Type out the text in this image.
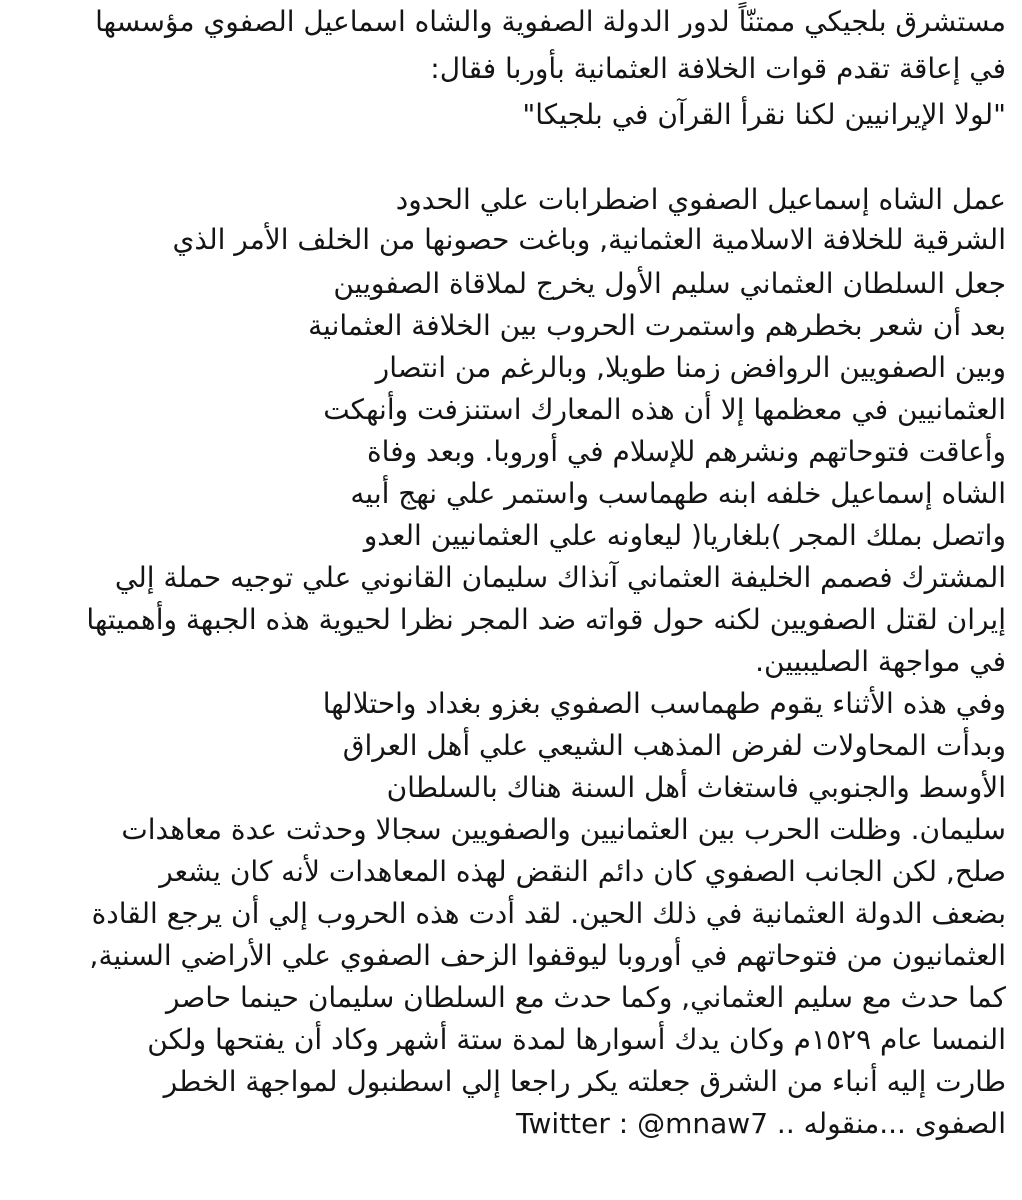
مستشرق بلجيكي ممتنّاً لدور الدولة الصفوية والشاه اسماعيل الصفوي مؤسسها
في إعاقة تقدم قوات الخلافة العثمانية بأوربا فقال:
"لولا الإيرانيين لكنا نقرأ القرآن في بلجيكا"
عمل الشاه إسماعيل الصفوي اضطرابات علي الحدود
الشرقية للخلافة الاسلامية العثمانية, وباغت حصونها من الخلف الأمر الذي
جعل السلطان العثماني سليم الأول يخرج لملاقاة الصفويين
بعد أن شعر بخطرهم واستمرت الحروب بين الخلافة العثمانية
وبين الصفويين الروافض زمنا طويلا, وبالرغم من انتصار
العثمانيين في معظمها إلا أن هذه المعارك استنزفت وأنهكت
وأعاقت فتوحاتهم ونشرهم للإسلام في أوروبا. وبعد وفاة
الشاه إسماعيل خلفه ابنه طهماسب واستمر علي نهج أبيه
واتصل بملك المجر )بلغاريا( ليعاونه علي العثمانيين العدو
المشترك فصمم الخليفة العثماني آنذاك سليمان القانوني علي توجيه حملة إلي
إيران لقتل الصفويين لكنه حول قواته ضد المجر نظرا لحيوية هذه الجبهة وأهميتها
في مواجهة الصليبيين.
وفي هذه الأثناء يقوم طهماسب الصفوي بغزو بغداد واحتلالها
وبدأت المحاولات لفرض المذهب الشيعي علي أهل العراق
الأوسط والجنوبي فاستغاث أهل السنة هناك بالسلطان
سليمان. وظلت الحرب بين العثمانيين والصفويين سجالا وحدثت عدة معاهدات
صلح, لكن الجانب الصفوي كان دائم النقض لهذه المعاهدات لأنه كان يشعر
بضعف الدولة العثمانية في ذلك الحين. لقد أدت هذه الحروب إلي أن يرجع القادة
العثمانيون من فتوحاتهم في أوروبا ليوقفوا الزحف الصفوي علي الأراضي السنية,
كما حدث مع سليم العثماني, وكما حدث مع السلطان سليمان حينما حاصر
النمسا عام ١٥٢٩م وكان يدك أسوارها لمدة ستة أشهر وكاد أن يفتحها ولكن
طارت إليه أنباء من الشرق جعلته يكر راجعا إلي اسطنبول لمواجهة الخطر
الصفوى ...منقوله .. Twitter : @mnaw7
